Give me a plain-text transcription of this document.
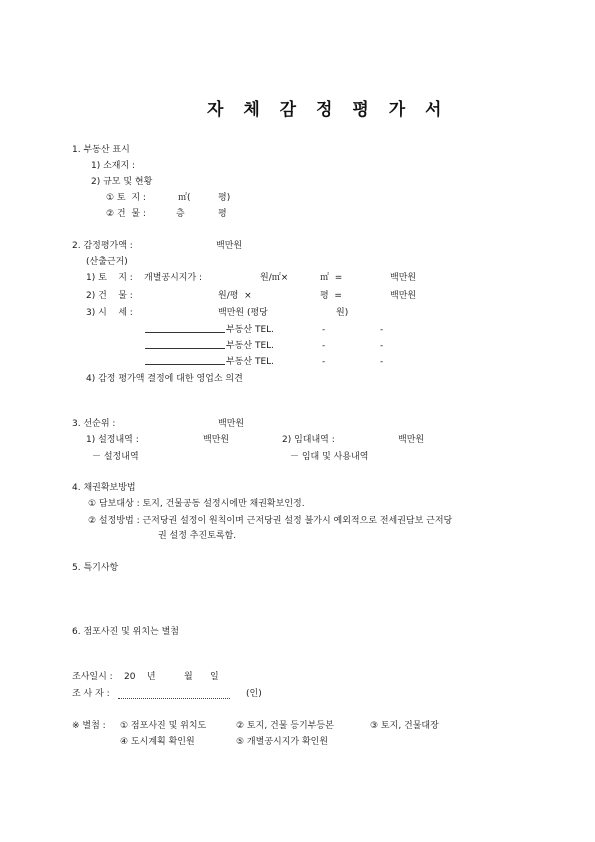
자 체 감 정 평 가 서
1. 부동산 표시
1) 소재지 :
2) 규모 및 현황
① 토  지 :	㎡(	평)
② 건  물 :	층	평
2. 감정평가액 :	백만원
(산출근거)
1) 토    지 : 개별공시지가 :	원/㎡×	㎡  =	백만원
2) 건    물 :	원/평  ×	평  =	백만원
3) 시    세 :	백만원 (평당	원)
부동산 TEL.	-	-
부동산 TEL.	-	-
부동산 TEL.	-	-
4) 감정 평가액 결정에 대한 영업소 의견
3. 선순위 :	백만원
1) 설정내역 :	백만원	2) 임대내역 :	백만원
－ 설정내역	－ 임대 및 사용내역
4. 채권확보방법
① 담보대상 : 토지, 건물공동 설정시에만 채권확보인정.
② 설정방법 : 근저당권 설정이 원칙이며 근저당권 설정 불가시 예외적으로 전세권담보 근저당
권 설정 추진토록함.
5. 특기사항
6. 점포사진 및 위치는 별첨
조사일시 : 20    년	월 일
조 사 자 :	(인)
※ 별첨 : ① 점포사진 및 위치도	② 토지, 건물 등기부등본	③ 토지, 건물대장
④ 도시계획 확인원	⑤ 개별공시지가 확인원
